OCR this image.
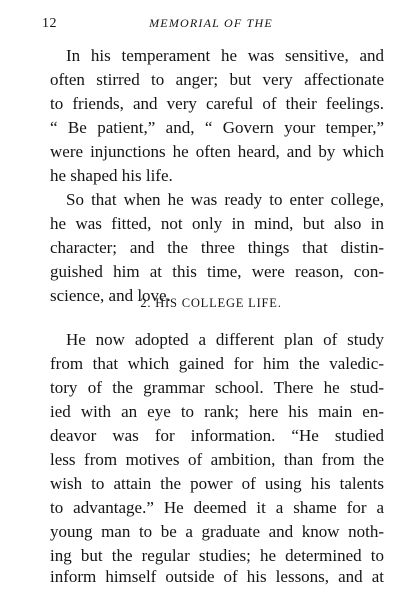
12	MEMORIAL OF THE
In his temperament he was sensitive, and
often stirred to anger; but very affectionate
to friends, and very careful of their feelings.
“ Be patient,” and, “ Govern your temper,”
were injunctions he often heard, and by which
he shaped his life.
So that when he was ready to enter college,
he was fitted, not only in mind, but also in
character; and the three things that distin-
guished him at this time, were reason, con-
science, and love.
2. HIS COLLEGE LIFE.
He now adopted a different plan of study
from that which gained for him the valedic-
tory of the grammar school. There he stud-
ied with an eye to rank; here his main en-
deavor was for information. “He studied
less from motives of ambition, than from the
wish to attain the power of using his talents
to advantage.” He deemed it a shame for a
young man to be a graduate and know noth-
ing but the regular studies; he determined to
inform himself outside of his lessons, and at
